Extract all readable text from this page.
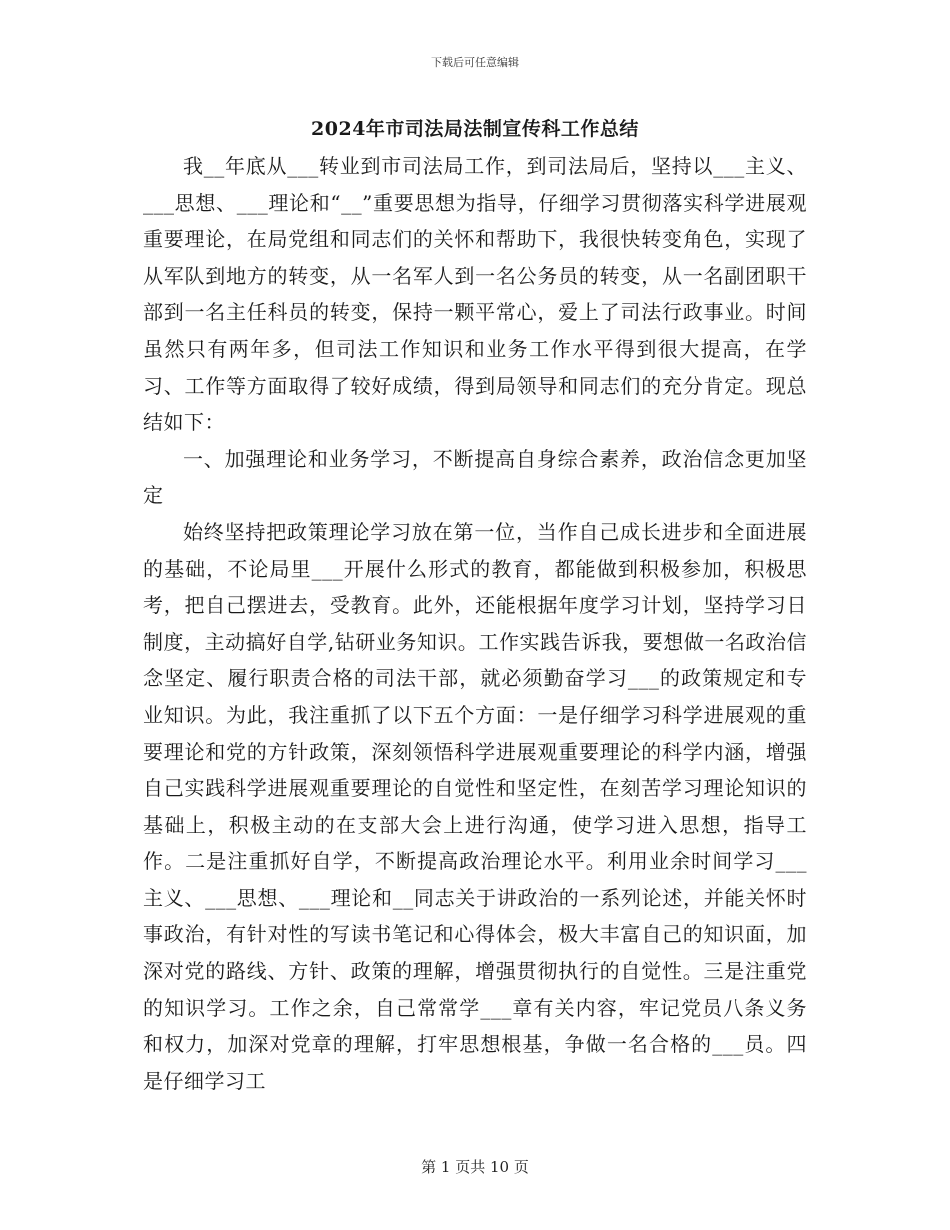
下载后可任意编辑
2024年市司法局法制宣传科工作总结

我__年底从___转业到市司法局工作，到司法局后，坚持以___主义、___思想、___理论和“__”重要思想为指导，仔细学习贯彻落实科学进展观重要理论，在局党组和同志们的关怀和帮助下，我很快转变角色，实现了从军队到地方的转变，从一名军人到一名公务员的转变，从一名副团职干部到一名主任科员的转变，保持一颗平常心，爱上了司法行政事业。时间虽然只有两年多，但司法工作知识和业务工作水平得到很大提高，在学习、工作等方面取得了较好成绩，得到局领导和同志们的充分肯定。现总结如下：

一、加强理论和业务学习，不断提高自身综合素养，政治信念更加坚定

始终坚持把政策理论学习放在第一位，当作自己成长进步和全面进展的基础，不论局里___开展什么形式的教育，都能做到积极参加，积极思考，把自己摆进去，受教育。此外，还能根据年度学习计划，坚持学习日制度，主动搞好自学,钻研业务知识。工作实践告诉我，要想做一名政治信念坚定、履行职责合格的司法干部，就必须勤奋学习___的政策规定和专业知识。为此，我注重抓了以下五个方面：一是仔细学习科学进展观的重要理论和党的方针政策，深刻领悟科学进展观重要理论的科学内涵，增强自己实践科学进展观重要理论的自觉性和坚定性，在刻苦学习理论知识的基础上，积极主动的在支部大会上进行沟通，使学习进入思想，指导工作。二是注重抓好自学，不断提高政治理论水平。利用业余时间学习___主义、___思想、___理论和__同志关于讲政治的一系列论述，并能关怀时事政治，有针对性的写读书笔记和心得体会，极大丰富自己的知识面，加深对党的路线、方针、政策的理解，增强贯彻执行的自觉性。三是注重党的知识学习。工作之余，自己常常学___章有关内容，牢记党员八条义务和权力，加深对党章的理解，打牢思想根基，争做一名合格的___员。四是仔细学习工

第 1 页共 10 页
